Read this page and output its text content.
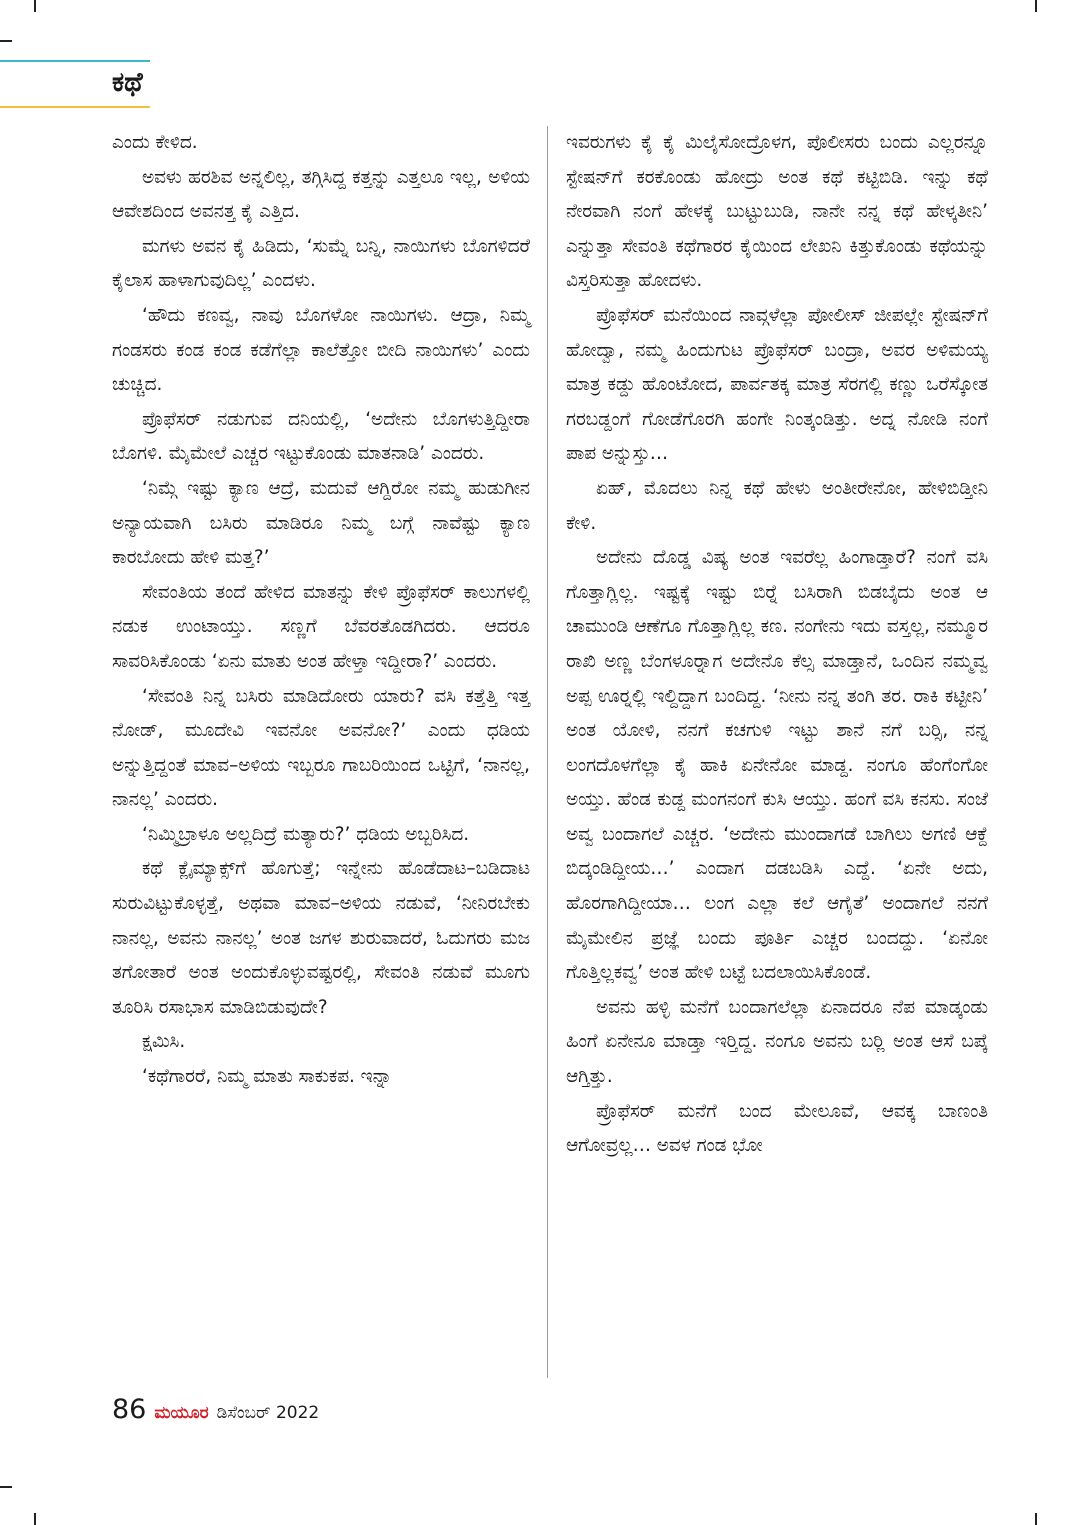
ಕಥೆ

ಎಂದು ಕೇಳಿದ.

ಅವಳು ಹರಶಿವ ಅನ್ನಲಿಲ್ಲ, ತಗ್ಗಿಸಿದ್ದ ಕತ್ತನ್ನು ಎತ್ತಲೂ ಇಲ್ಲ, ಅಳಿಯ ಆವೇಶದಿಂದ ಅವನತ್ತ ಕೈ ಎತ್ತಿದ.

ಮಗಳು ಅವನ ಕೈ ಹಿಡಿದು, ‘ಸುಮ್ನೆ ಬನ್ನಿ, ನಾಯಿಗಳು ಬೊಗಳಿದರೆ ಕೈಲಾಸ ಹಾಳಾಗುವುದಿಲ್ಲ’ ಎಂದಳು.

‘ಹೌದು ಕಣವ್ವ, ನಾವು ಬೊಗಳೋ ನಾಯಿಗಳು. ಆದ್ರಾ, ನಿಮ್ಮ ಗಂಡಸರು ಕಂಡ ಕಂಡ ಕಡೆಗೆಲ್ಲಾ ಕಾಲೆತ್ತೋ ಬೀದಿ ನಾಯಿಗಳು’ ಎಂದು ಚುಚ್ಚಿದ.

ಪ್ರೊಫೆಸರ್ ನಡುಗುವ ದನಿಯಲ್ಲಿ, ‘ಅದೇನು ಬೊಗಳುತ್ತಿದ್ದೀರಾ ಬೊಗಳಿ. ಮೈಮೇಲೆ ಎಚ್ಚರ ಇಟ್ಟುಕೊಂಡು ಮಾತನಾಡಿ’ ಎಂದರು.

‘ನಿಮ್ಗೆ ಇಷ್ಟು ಕ್ಯಾಣ ಆದ್ರೆ, ಮದುವೆ ಆಗ್ದಿರೋ ನಮ್ಮ ಹುಡುಗೀನ ಅನ್ಯಾಯವಾಗಿ ಬಸಿರು ಮಾಡಿರೂ ನಿಮ್ಮ ಬಗ್ಗೆ ನಾವೆಷ್ಟು ಕ್ಯಾಣ ಕಾರಬೋದು ಹೇಳಿ ಮತ್ತ?’

ಸೇವಂತಿಯ ತಂದೆ ಹೇಳಿದ ಮಾತನ್ನು ಕೇಳಿ ಪ್ರೊಫೆಸರ್ ಕಾಲುಗಳಲ್ಲಿ ನಡುಕ ಉಂಟಾಯ್ತು. ಸಣ್ಣಗೆ ಬೆವರತೊಡಗಿದರು. ಆದರೂ ಸಾವರಿಸಿಕೊಂಡು ‘ಏನು ಮಾತು ಅಂತ ಹೇಳ್ತಾ ಇದ್ದೀರಾ?’ ಎಂದರು.

‘ಸೇವಂತಿ ನಿನ್ನ ಬಸಿರು ಮಾಡಿದೋರು ಯಾರು? ವಸಿ ಕತ್ತೆತ್ತಿ ಇತ್ತ ನೋಡ್, ಮೂದೇವಿ ಇವನೋ ಅವನೋ?’ ಎಂದು ಧಡಿಯ ಅನ್ನುತ್ತಿದ್ದಂತೆ ಮಾವ–ಅಳಿಯ ಇಬ್ಬರೂ ಗಾಬರಿಯಿಂದ ಒಟ್ಟಿಗೆ, ‘ನಾನಲ್ಲ, ನಾನಲ್ಲ’ ಎಂದರು.

‘ನಿಮ್ಮಿಬ್ರಾಳೂ ಅಲ್ಲದಿದ್ರೆ ಮತ್ಯಾರು?’ ಧಡಿಯ ಅಬ್ಬರಿಸಿದ.

ಕಥೆ ಕ್ಲೈಮ್ಯಾಕ್ಸ್‌ಗೆ ಹೊಗುತ್ತೆ; ಇನ್ನೇನು ಹೊಡೆದಾಟ–ಬಡಿದಾಟ ಸುರುವಿಟ್ಟುಕೊಳ್ಳತ್ತೆ, ಅಥವಾ ಮಾವ–ಅಳಿಯ ನಡುವೆ, ‘ನೀನಿರಬೇಕು ನಾನಲ್ಲ, ಅವನು ನಾನಲ್ಲ’ ಅಂತ ಜಗಳ ಶುರುವಾದರೆ, ಓದುಗರು ಮಜ ತಗೋತಾರೆ ಅಂತ ಅಂದುಕೊಳ್ಳುವಷ್ಟರಲ್ಲಿ, ಸೇವಂತಿ ನಡುವೆ ಮೂಗು ತೂರಿಸಿ ರಸಾಭಾಸ ಮಾಡಿಬಿಡುವುದೇ?

ಕ್ಷಮಿಸಿ.

‘ಕಥೆಗಾರರೆ, ನಿಮ್ಮ ಮಾತು ಸಾಕುಕಪ. ಇನ್ನಾ

ಇವರುಗಳು ಕೈ ಕೈ ಮಿಲೈಸೋದ್ರೊಳಗ, ಪೊಲೀಸರು ಬಂದು ಎಲ್ಲರನ್ನೂ ಸ್ಟೇಷನ್‌ಗೆ ಕರಕೊಂಡು ಹೋದ್ರು ಅಂತ ಕಥೆ ಕಟ್ಟಿಬಿಡಿ. ಇನ್ನು ಕಥೆ ನೇರವಾಗಿ ನಂಗೆ ಹೇಳಕ್ಕೆ ಬುಟ್ಟುಬುಡಿ, ನಾನೇ ನನ್ನ ಕಥೆ ಹೇಳ್ಕತೀನಿ’ ಎನ್ನುತ್ತಾ ಸೇವಂತಿ ಕಥೆಗಾರರ ಕೈಯಿಂದ ಲೇಖನಿ ಕಿತ್ತುಕೊಂಡು ಕಥೆಯನ್ನು ವಿಸ್ತರಿಸುತ್ತಾ ಹೋದಳು.

ಪ್ರೊಫೆಸರ್ ಮನೆಯಿಂದ ನಾವ್ಗಳೆಲ್ಲಾ ಪೋಲೀಸ್ ಜೀಪಲ್ಲೇ ಸ್ಟೇಷನ್‌ಗೆ ಹೋದ್ವಾ, ನಮ್ಮ ಹಿಂದುಗುಟ ಪ್ರೊಫೆಸರ್ ಬಂದ್ರಾ, ಅವರ ಅಳಿಮಯ್ಯ ಮಾತ್ರ ಕಡ್ದು ಹೊಂಟೋದ, ಪಾರ್ವತಕ್ಕ ಮಾತ್ರ ಸೆರಗಲ್ಲಿ ಕಣ್ಣು ಒರೆಸ್ಕೋತ ಗರಬಡ್ದಂಗೆ ಗೋಡೆಗೊರಗಿ ಹಂಗೇ ನಿಂತ್ಕಂಡಿತ್ತು. ಅದ್ನ ನೋಡಿ ನಂಗೆ ಪಾಪ ಅನ್ನುಸ್ತು…

ಏಹ್, ಮೊದಲು ನಿನ್ನ ಕಥೆ ಹೇಳು ಅಂತೀರೇನೋ, ಹೇಳಿಬಿಡ್ತೀನಿ ಕೇಳಿ.

ಅದೇನು ದೊಡ್ಡ ವಿಷ್ಯ ಅಂತ ಇವರೆಲ್ಲ ಹಿಂಗಾಡ್ತಾರೆ? ನಂಗೆ ವಸಿ ಗೊತ್ತಾಗ್ಲಿಲ್ಲ. ಇಷ್ಟಕ್ಕೆ ಇಷ್ಟು ಬಿರ್‍ನೆ ಬಸಿರಾಗಿ ಬಿಡಬೈದು ಅಂತ ಆ ಚಾಮುಂಡಿ ಆಣೆಗೂ ಗೊತ್ತಾಗ್ಲಿಲ್ಲ ಕಣ. ನಂಗೇನು ಇದು ವಸ್ತಲ್ಲ, ನಮ್ಮೂರ ರಾಖಿ ಅಣ್ಣ ಬೆಂಗಳೂರ್‍ನಾಗ ಅದೇನೊ ಕೆಲ್ಸ ಮಾಡ್ತಾನೆ, ಒಂದಿನ ನಮ್ಮವ್ವ ಅಪ್ಪ ಊರ್‍ನಲ್ಲಿ ಇಲ್ದಿದ್ದಾಗ ಬಂದಿದ್ದ. ‘ನೀನು ನನ್ನ ತಂಗಿ ತರ. ರಾಕಿ ಕಟ್ಟೀನಿ’ ಅಂತ ಯೋಳಿ, ನನಗೆ ಕಚಗುಳಿ ಇಟ್ಟು ಶಾನೆ ನಗೆ ಬರ್‍ಸಿ, ನನ್ನ ಲಂಗದೊಳಗೆಲ್ಲಾ ಕೈ ಹಾಕಿ ಏನೇನೋ ಮಾಡ್ದ. ನಂಗೂ ಹೆಂಗೆಂಗೋ ಅಯ್ತು. ಹೆಂಡ ಕುಡ್ದ ಮಂಗನಂಗೆ ಕುಸಿ ಆಯ್ತು. ಹಂಗೆ ವಸಿ ಕನಸು. ಸಂಜೆ ಅವ್ವ ಬಂದಾಗಲೆ ಎಚ್ಚರ. ‘ಅದೇನು ಮುಂದಾಗಡೆ ಬಾಗಿಲು ಅಗಣಿ ಆಕ್ದೆ ಬಿದ್ಕಂಡಿದ್ದೀಯ…’ ಎಂದಾಗ ದಡಬಡಿಸಿ ಎದ್ದೆ. ‘ಏನೇ ಅದು, ಹೊರಗಾಗಿದ್ದೀಯಾ… ಲಂಗ ಎಲ್ಲಾ ಕಲೆ ಆಗೈತೆ’ ಅಂದಾಗಲೆ ನನಗೆ ಮೈಮೇಲಿನ ಪ್ರಜ್ಞೆ ಬಂದು ಪೂರ್ತಿ ಎಚ್ಚರ ಬಂದದ್ದು. ‘ಏನೋ ಗೊತ್ತಿಲ್ಲಕವ್ವ’ ಅಂತ ಹೇಳಿ ಬಟ್ಟೆ ಬದಲಾಯಿಸಿಕೊಂಡೆ.

ಅವನು ಹಳ್ಳಿ ಮನೆಗೆ ಬಂದಾಗಲೆಲ್ಲಾ ಏನಾದರೂ ನೆಪ ಮಾಡ್ಕಂಡು ಹಿಂಗೆ ಏನೇನೂ ಮಾಡ್ತಾ ಇರ್‍ತಿದ್ದ. ನಂಗೂ ಅವನು ಬರ್‍ಲಿ ಅಂತ ಆಸೆ ಬಪ್ಕೆ ಆಗ್ತಿತ್ತು.

ಪ್ರೊಫೆಸರ್ ಮನೆಗೆ ಬಂದ ಮೇಲೂವೆ, ಆವಕ್ಕ ಬಾಣಂತಿ ಆಗೋವ್ರಲ್ಲ… ಅವಳ ಗಂಡ ಭೋ

86 ಮಯೂರ ಡಿಸೆಂಬರ್ 2022
